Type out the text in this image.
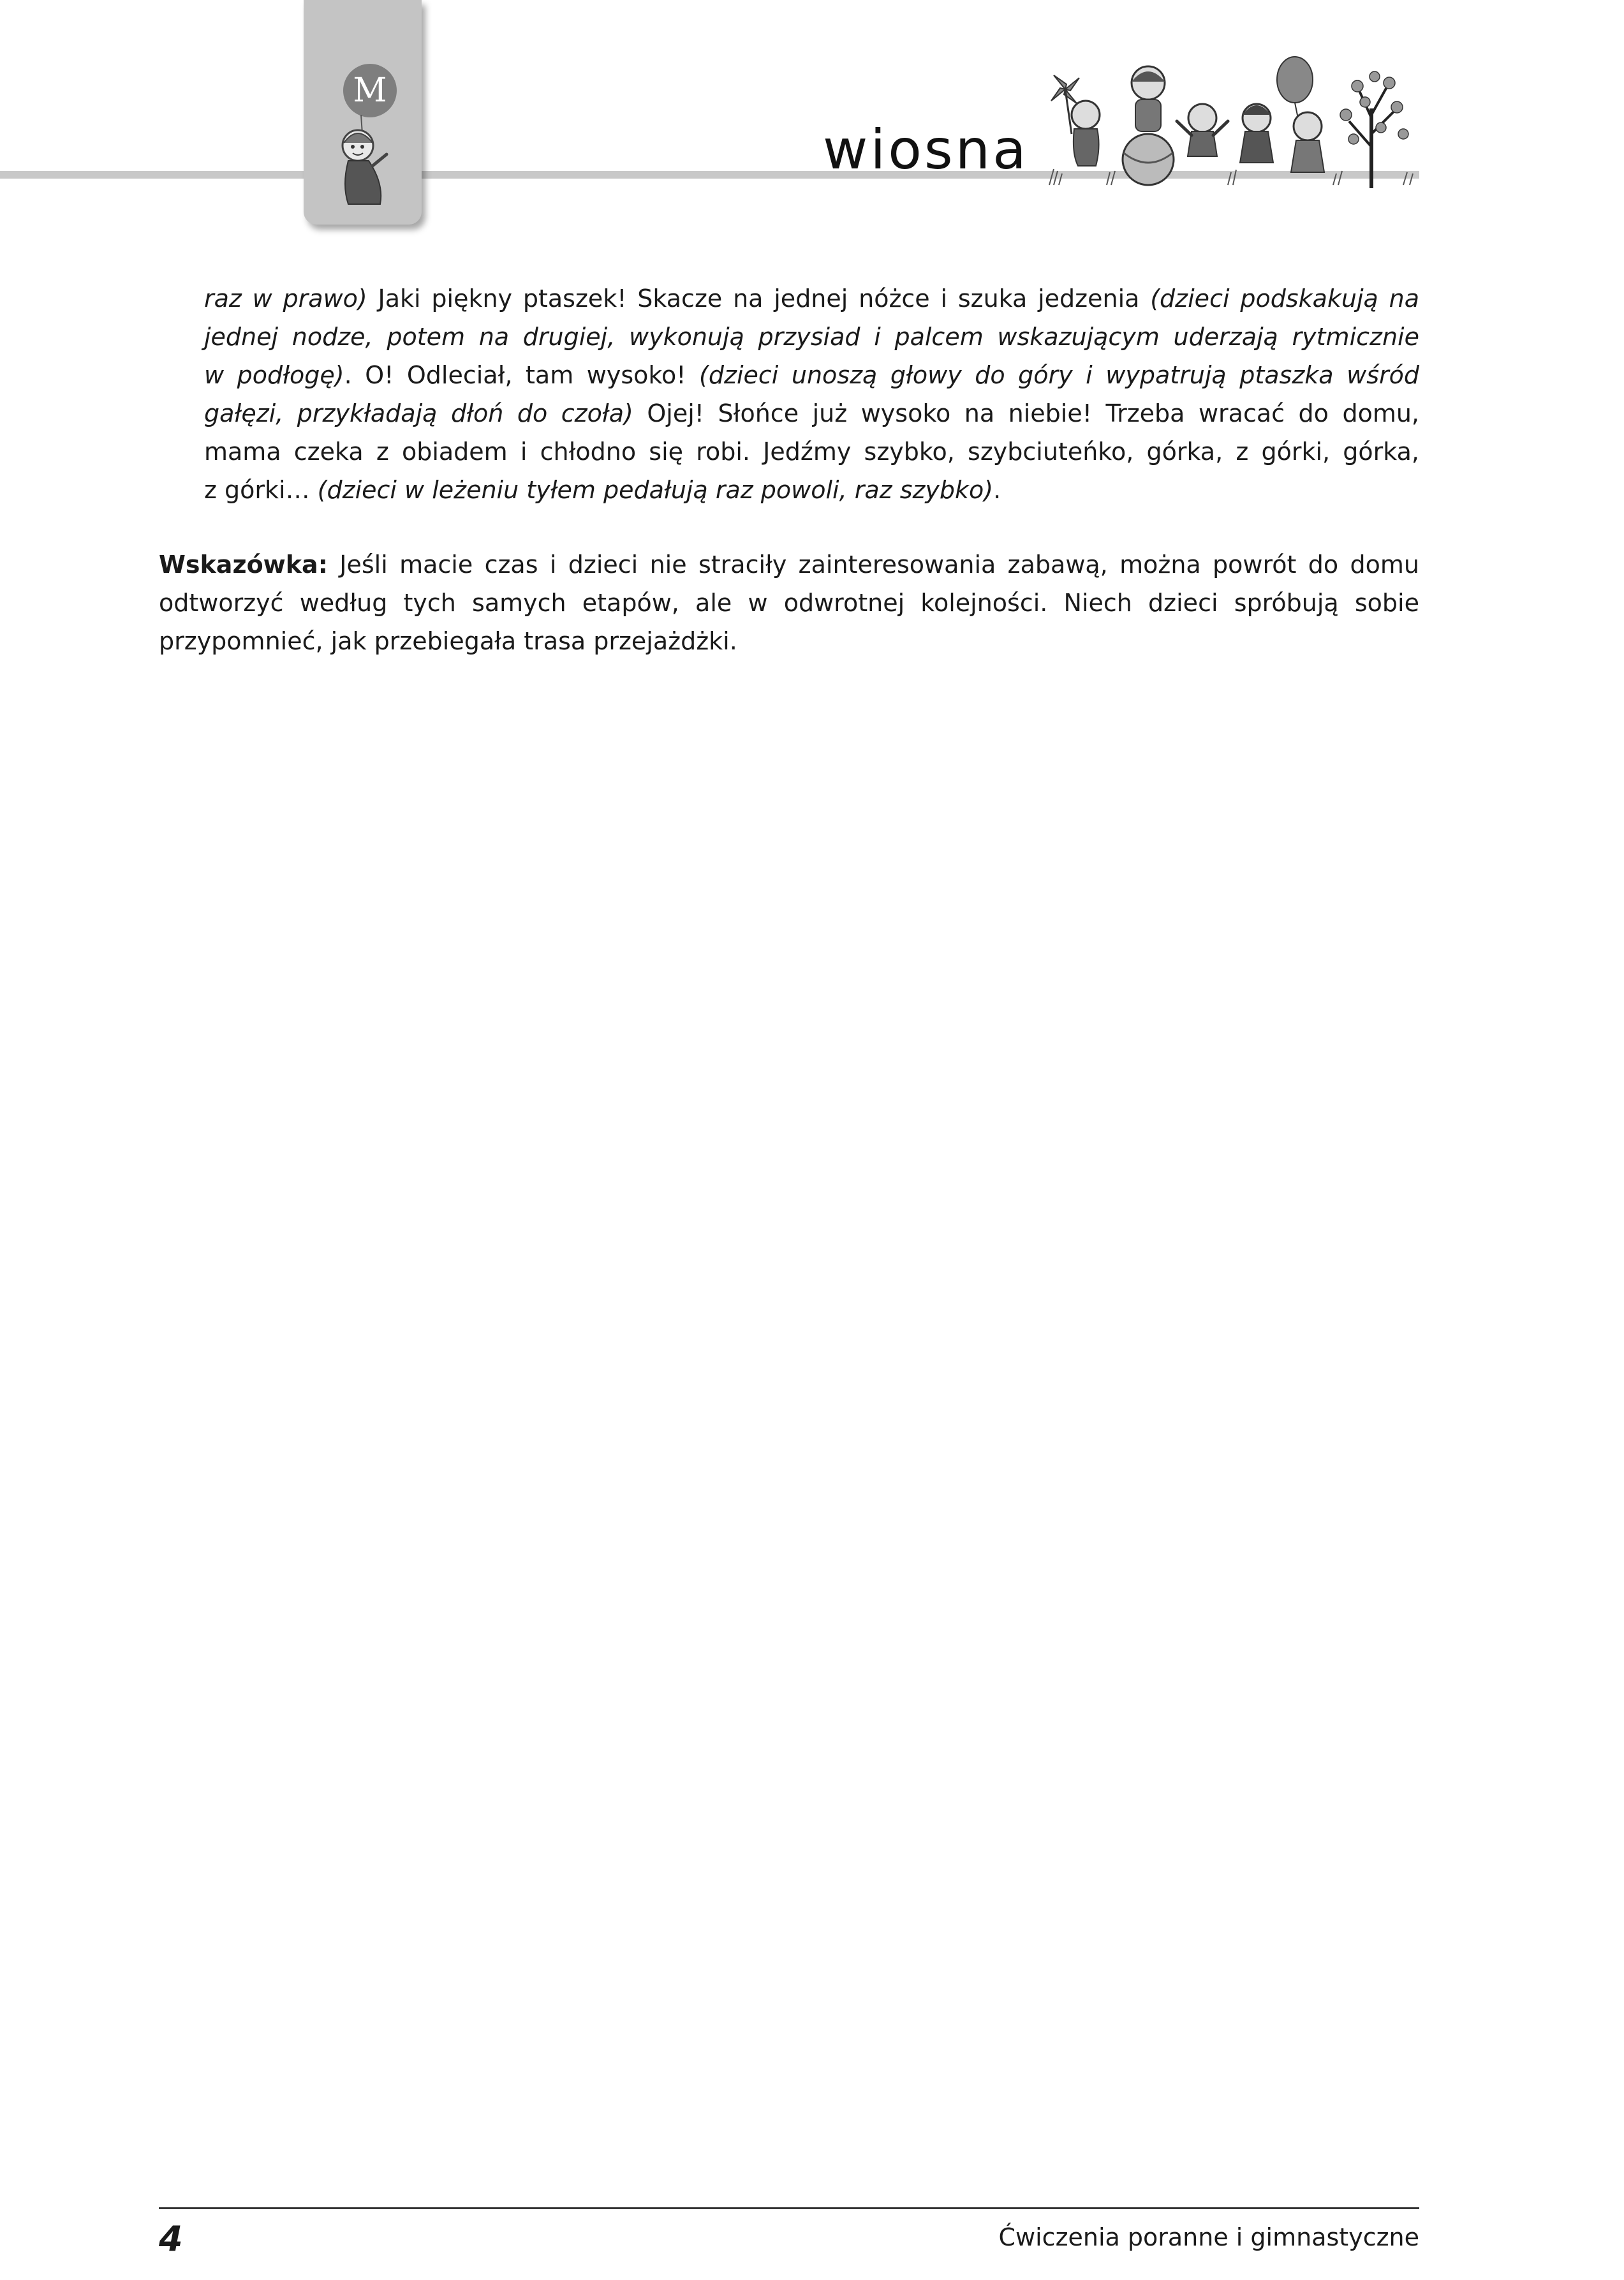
M
wiosna
raz w prawo) Jaki piękny ptaszek! Skacze na jednej nóżce i szuka jedzenia (dzieci podskakują na
jednej nodze, potem na drugiej, wykonują przysiad i palcem wskazującym uderzają rytmicznie
w podłogę). O! Odleciał, tam wysoko! (dzieci unoszą głowy do góry i wypatrują ptaszka wśród
gałęzi, przykładają dłoń do czoła) Ojej! Słońce już wysoko na niebie! Trzeba wracać do domu,
mama czeka z obiadem i chłodno się robi. Jedźmy szybko, szybciuteńko, górka, z górki, górka,
z górki… (dzieci w leżeniu tyłem pedałują raz powoli, raz szybko).
Wskazówka: Jeśli macie czas i dzieci nie straciły zainteresowania zabawą, można powrót do domu odtworzyć według tych samych etapów, ale w odwrotnej kolejności. Niech dzieci spróbują sobie przypomnieć, jak przebiegała trasa przejażdżki.
4	Ćwiczenia poranne i gimnastyczne
